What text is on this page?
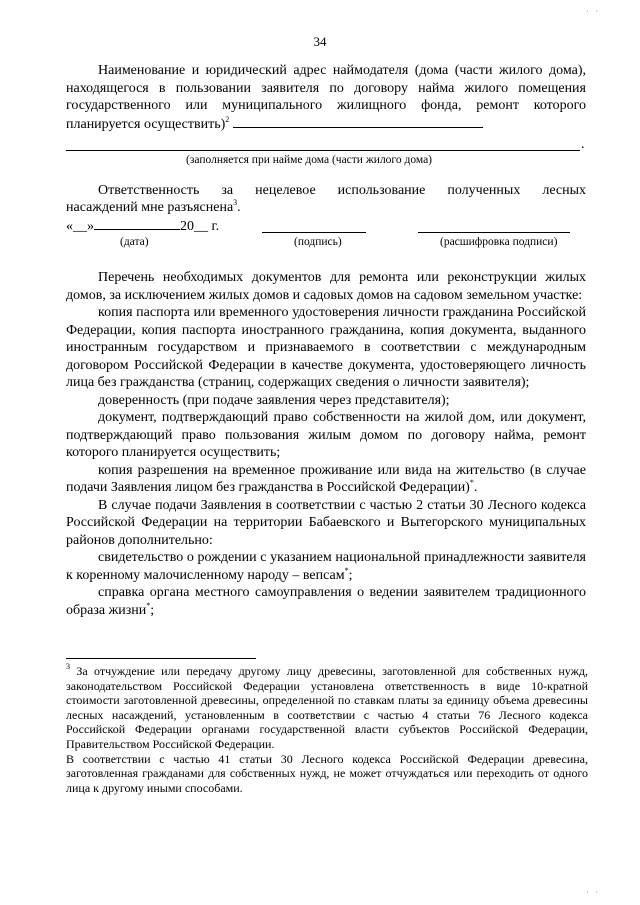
34
Наименование и юридический адрес наймодателя (дома (части жилого дома), находящегося в пользовании заявителя по договору найма жилого помещения государственного или муниципального жилищного фонда, ремонт которого планируется осуществить)$^2$
.
(заполняется при найме дома (части жилого дома)
Ответственность за нецелевое использование полученных лесных
насаждений мне разъяснена$^3$.
«__»	20__ г.
(дата)	(подпись)	(расшифровка подписи)
Перечень необходимых документов для ремонта или реконструкции жилых домов, за исключением жилых домов и садовых домов на садовом земельном участке:
копия паспорта или временного удостоверения личности гражданина Российской Федерации, копия паспорта иностранного гражданина, копия документа, выданного иностранным государством и признаваемого в соответствии с международным договором Российской Федерации в качестве документа, удостоверяющего личность лица без гражданства (страниц, содержащих сведения о личности заявителя);
доверенность (при подаче заявления через представителя);
документ, подтверждающий право собственности на жилой дом, или документ, подтверждающий право пользования жилым домом по договору найма, ремонт которого планируется осуществить;
копия разрешения на временное проживание или вида на жительство (в случае подачи Заявления лицом без гражданства в Российской Федерации)*.
В случае подачи Заявления в соответствии с частью 2 статьи 30 Лесного кодекса Российской Федерации на территории Бабаевского и Вытегорского муниципальных районов дополнительно:
свидетельство о рождении с указанием национальной принадлежности заявителя к коренному малочисленному народу – вепсам*;
справка органа местного самоуправления о ведении заявителем традиционного образа жизни*;
$^3$ За отчуждение или передачу другому лицу древесины, заготовленной для собственных нужд, законодательством Российской Федерации установлена ответственность в виде 10-кратной стоимости заготовленной древесины, определенной по ставкам платы за единицу объема древесины лесных насаждений, установленным в соответствии с частью 4 статьи 76 Лесного кодекса Российской Федерации органами государственной власти субъектов Российской Федерации, Правительством Российской Федерации.
В соответствии с частью 41 статьи 30 Лесного кодекса Российской Федерации древесина, заготовленная гражданами для собственных нужд, не может отчуждаться или переходить от одного лица к другому иными способами.
· ·
· ·
